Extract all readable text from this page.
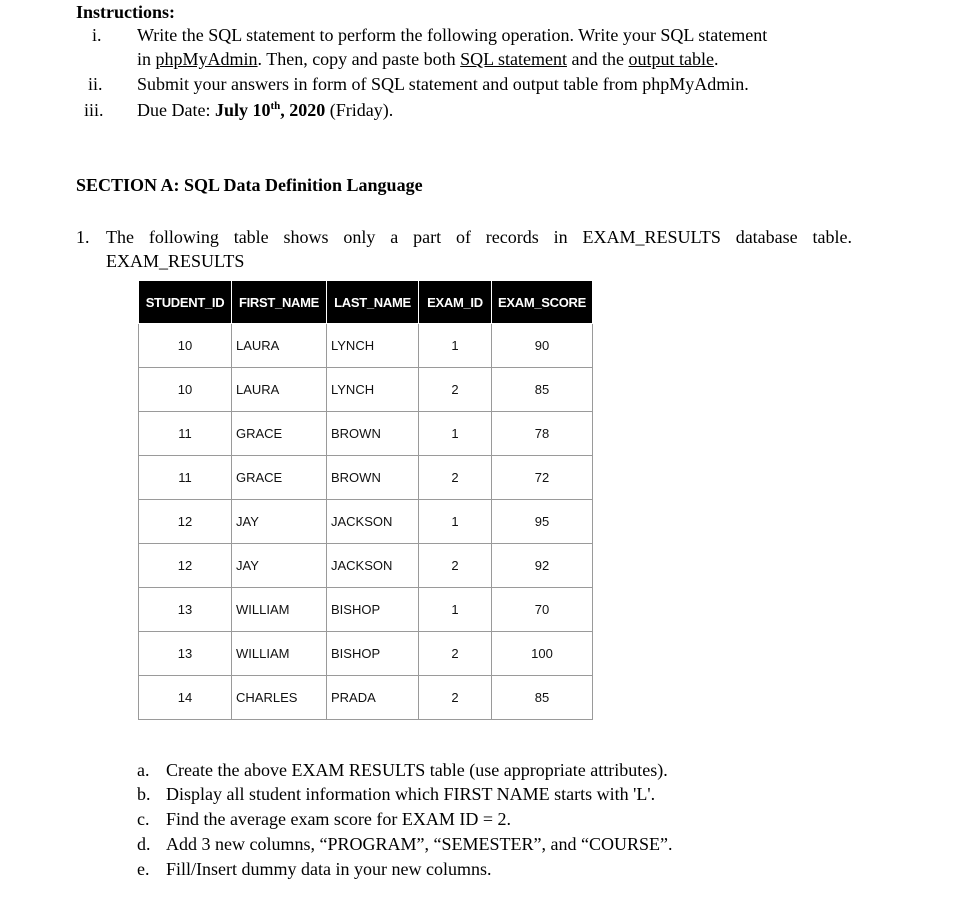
Instructions:
i. Write the SQL statement to perform the following operation. Write your SQL statement
in phpMyAdmin. Then, copy and paste both SQL statement and the output table.
ii. Submit your answers in form of SQL statement and output table from phpMyAdmin.
iii. Due Date: July 10th, 2020 (Friday).
SECTION A: SQL Data Definition Language
1. The following table shows only a part of records in EXAM_RESULTS database table.
EXAM_RESULTS
STUDENT_ID	FIRST_NAME	LAST_NAME	EXAM_ID	EXAM_SCORE
10	LAURA	LYNCH	1	90
10	LAURA	LYNCH	2	85
11	GRACE	BROWN	1	78
11	GRACE	BROWN	2	72
12	JAY	JACKSON	1	95
12	JAY	JACKSON	2	92
13	WILLIAM	BISHOP	1	70
13	WILLIAM	BISHOP	2	100
14	CHARLES	PRADA	2	85
a. Create the above EXAM RESULTS table (use appropriate attributes).
b. Display all student information which FIRST NAME starts with 'L'.
c. Find the average exam score for EXAM ID = 2.
d. Add 3 new columns, “PROGRAM”, “SEMESTER”, and “COURSE”.
e. Fill/Insert dummy data in your new columns.
